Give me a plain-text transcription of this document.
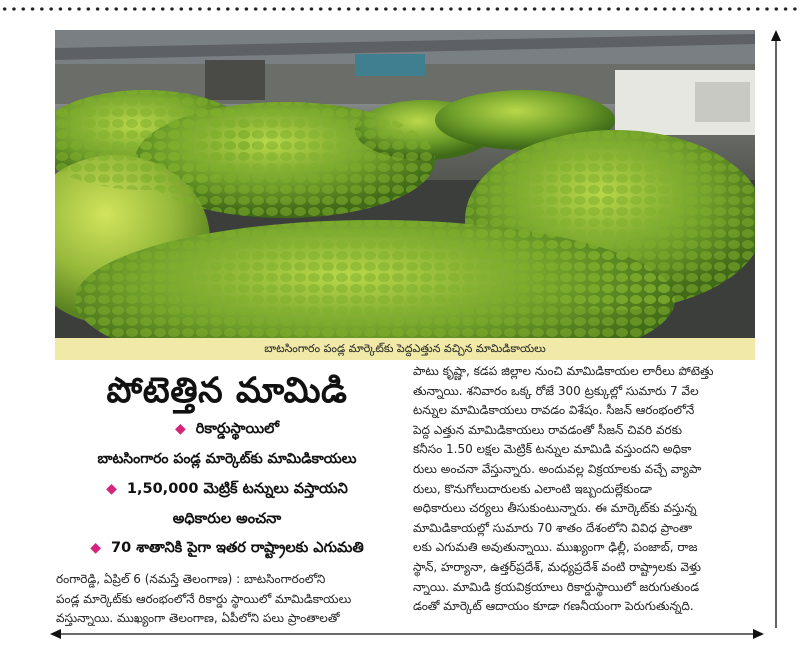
బాటసింగారం పండ్ల మార్కెట్‌కు పెద్దఎత్తున వచ్చిన మామిడికాయలు
పోటెత్తిన మామిడి
◆ రికార్డుస్థాయిలో
బాటసింగారం పండ్ల మార్కెట్‌కు మామిడికాయలు
◆ 1,50,000 మెట్రిక్ టన్నులు వస్తాయని
అధికారుల అంచనా
◆ 70 శాతానికి పైగా ఇతర రాష్ట్రాలకు ఎగుమతి
రంగారెడ్డి, ఏప్రిల్ 6 (నమస్తే తెలంగాణ) : బాటసింగారంలోని
పండ్ల మార్కెట్‌కు ఆరంభంలోనే రికార్డు స్థాయిలో మామిడికాయలు
వస్తున్నాయి. ముఖ్యంగా తెలంగాణ, ఏపీలోని పలు ప్రాంతాలతో
పాటు కృష్ణా, కడప జిల్లాల నుంచి మామిడికాయల లారీలు పోటెత్తు
తున్నాయి. శనివారం ఒక్క రోజే 300 ట్రక్కుల్లో సుమారు 7 వేల
టన్నుల మామిడికాయలు రావడం విశేషం. సీజన్ ఆరంభంలోనే
పెద్ద ఎత్తున మామిడికాయలు రావడంతో సీజన్ చివరి వరకు
కనీసం 1.50 లక్షల మెట్రిక్ టన్నుల మామిడి వస్తుందని అధికా
రులు అంచనా వేస్తున్నారు. అందువల్ల విక్రయాలకు వచ్చే వ్యాపా
రులు, కొనుగోలుదారులకు ఎలాంటి ఇబ్బందుల్లేకుండా
అధికారులు చర్యలు తీసుకుంటున్నారు. ఈ మార్కెట్‌కు వస్తున్న
మామిడికాయల్లో సుమారు 70 శాతం దేశంలోని వివిధ ప్రాంతా
లకు ఎగుమతి అవుతున్నాయి. ముఖ్యంగా ఢిల్లీ, పంజాబ్, రాజ
స్థాన్, హర్యానా, ఉత్తర్‌ప్రదేశ్, మధ్యప్రదేశ్ వంటి రాష్ట్రాలకు వెళ్తు
న్నాయి. మామిడి క్రయవిక్రయాలు రికార్డుస్థాయిలో జరుగుతుండ
డంతో మార్కెట్ ఆదాయం కూడా గణనీయంగా పెరుగుతున్నది.
